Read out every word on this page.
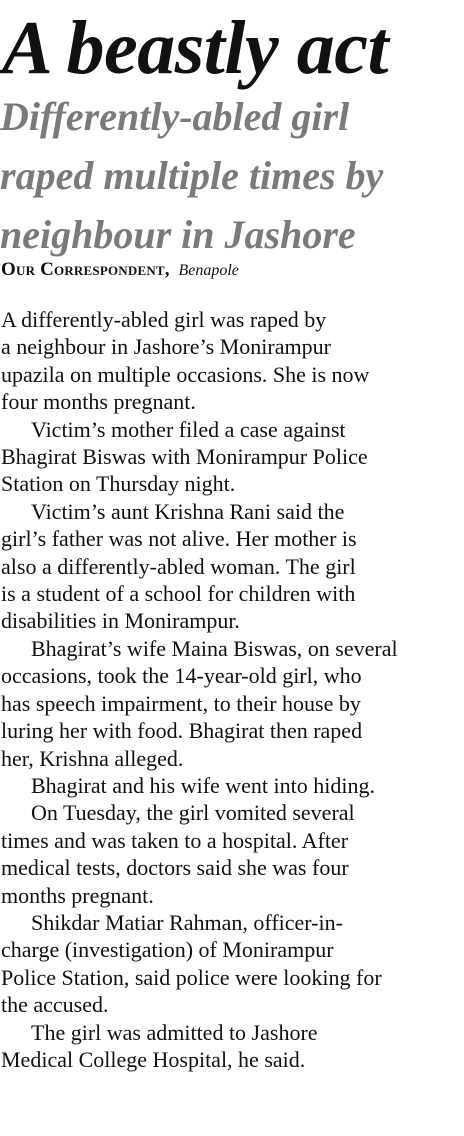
A beastly act
Differently-abled girl
raped multiple times by
neighbour in Jashore
Our Correspondent, Benapole
A differently-abled girl was raped by
a neighbour in Jashore’s Monirampur
upazila on multiple occasions. She is now
four months pregnant.
Victim’s mother filed a case against
Bhagirat Biswas with Monirampur Police
Station on Thursday night.
Victim’s aunt Krishna Rani said the
girl’s father was not alive. Her mother is
also a differently-abled woman. The girl
is a student of a school for children with
disabilities in Monirampur.
Bhagirat’s wife Maina Biswas, on several
occasions, took the 14-year-old girl, who
has speech impairment, to their house by
luring her with food. Bhagirat then raped
her, Krishna alleged.
Bhagirat and his wife went into hiding.
On Tuesday, the girl vomited several
times and was taken to a hospital. After
medical tests, doctors said she was four
months pregnant.
Shikdar Matiar Rahman, officer-in-
charge (investigation) of Monirampur
Police Station, said police were looking for
the accused.
The girl was admitted to Jashore
Medical College Hospital, he said.
